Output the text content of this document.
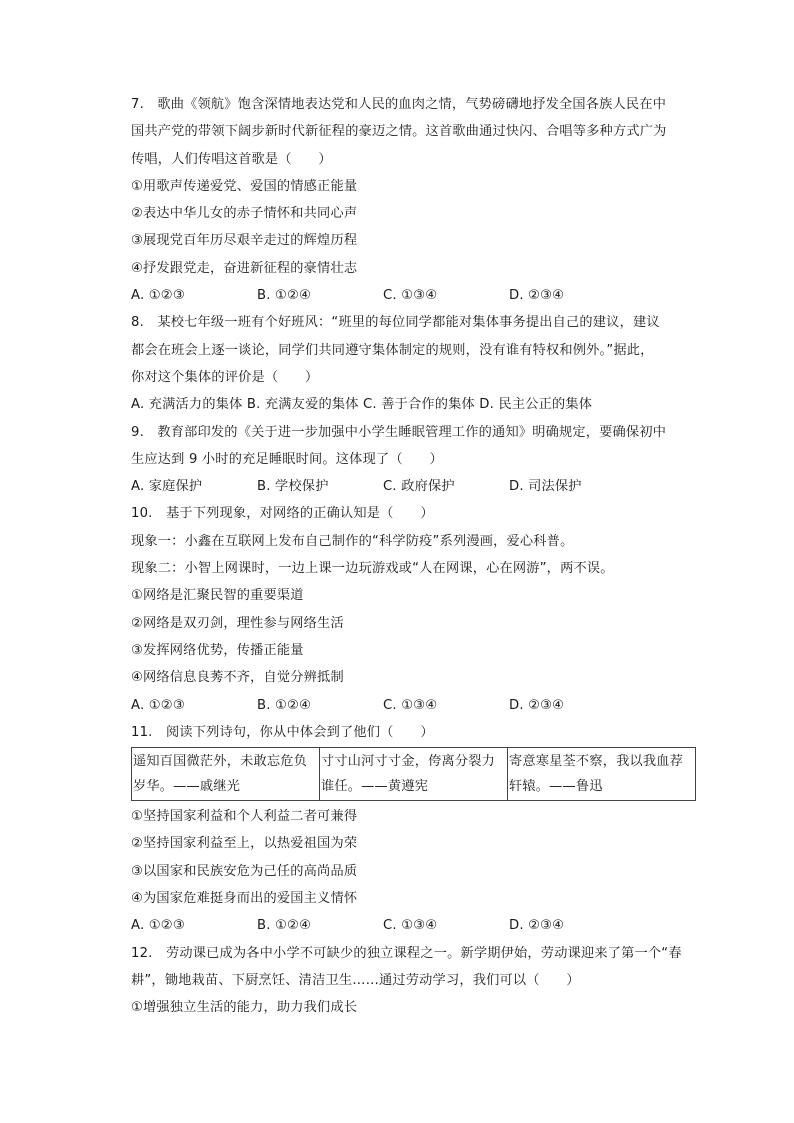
7.　歌曲《领航》饱含深情地表达党和人民的血肉之情，气势磅礴地抒发全国各族人民在中
国共产党的带领下阔步新时代新征程的豪迈之情。这首歌曲通过快闪、合唱等多种方式广为
传唱，人们传唱这首歌是（　　）
①用歌声传递爱党、爱国的情感正能量
②表达中华儿女的赤子情怀和共同心声
③展现党百年历尽艰辛走过的辉煌历程
④抒发跟党走，奋进新征程的豪情壮志
A. ①②③	B. ①②④	C. ①③④	D. ②③④
8.　某校七年级一班有个好班风：“班里的每位同学都能对集体事务提出自己的建议，建议
都会在班会上逐一谈论，同学们共同遵守集体制定的规则，没有谁有特权和例外。”据此，
你对这个集体的评价是（　　）
A. 充满活力的集体 B. 充满友爱的集体 C. 善于合作的集体 D. 民主公正的集体
9.　教育部印发的《关于进一步加强中小学生睡眠管理工作的通知》明确规定，要确保初中
生应达到 9 小时的充足睡眠时间。这体现了（　　）
A. 家庭保护	B. 学校保护	C. 政府保护	D. 司法保护
10.　基于下列现象，对网络的正确认知是（　　）
现象一：小鑫在互联网上发布自己制作的“科学防疫”系列漫画，爱心科普。
现象二：小智上网课时，一边上课一边玩游戏或“人在网课，心在网游”，两不误。
①网络是汇聚民智的重要渠道
②网络是双刃剑，理性参与网络生活
③发挥网络优势，传播正能量
④网络信息良莠不齐，自觉分辨抵制
A. ①②③	B. ①②④	C. ①③④	D. ②③④
11.　阅读下列诗句，你从中体会到了他们（　　）
遥知百国微茫外，未敢忘危负
岁华。——戚继光

寸寸山河寸寸金，侉离分裂力
谁任。——黄遵宪

寄意寒星荃不察，我以我血荐
轩辕。——鲁迅
①坚持国家利益和个人利益二者可兼得
②坚持国家利益至上，以热爱祖国为荣
③以国家和民族安危为己任的高尚品质
④为国家危难挺身而出的爱国主义情怀
A. ①②③	B. ①②④	C. ①③④	D. ②③④
12.　劳动课已成为各中小学不可缺少的独立课程之一。新学期伊始，劳动课迎来了第一个“春
耕”，锄地栽苗、下厨烹饪、清洁卫生……通过劳动学习，我们可以（　　）
①增强独立生活的能力，助力我们成长
